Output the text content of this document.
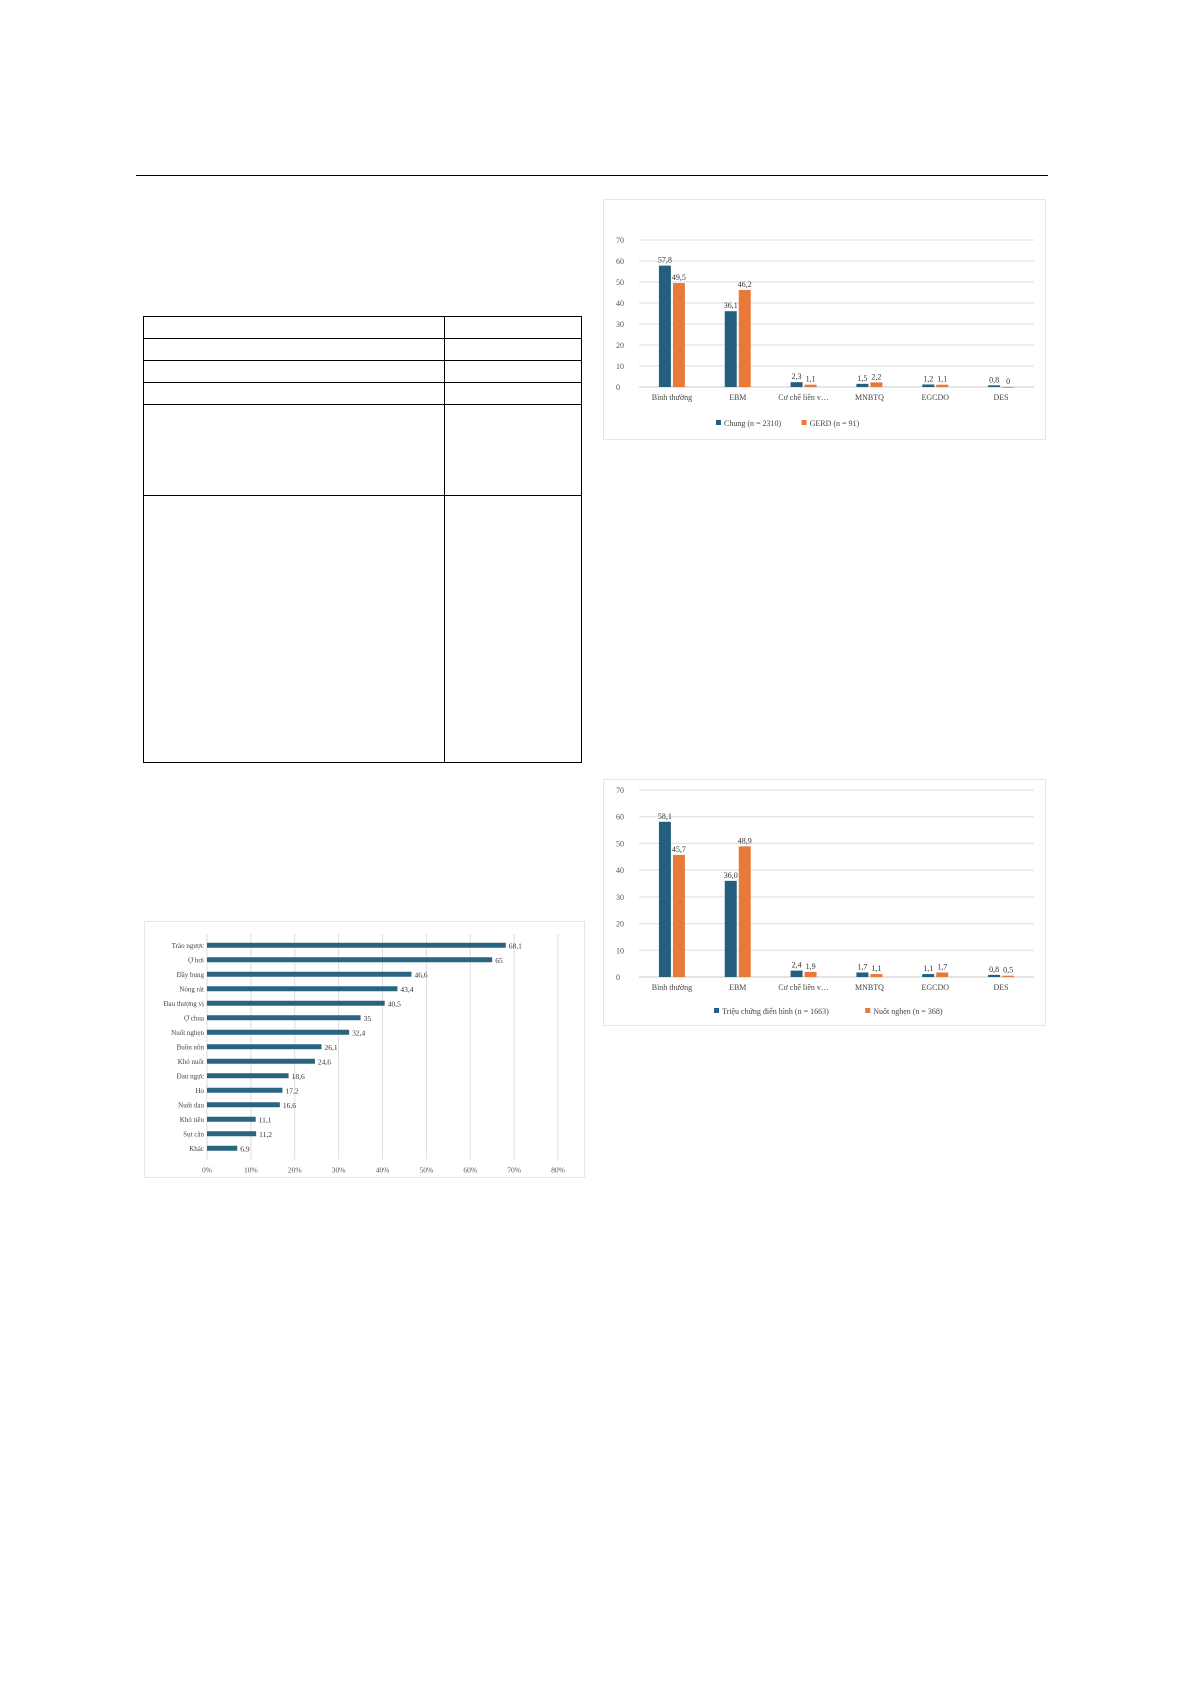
0
10
20
30
40
50
60
70
57,8
49,5
Bình thường
36,1
46,2
EBM
2,3 1,1
Cơ chế liên v…
1,5 2,2
MNBTQ
1,2 1,1
EGCDO
0,8 0
DES
Chung (n = 2310)	GERD (n = 91)
0
10
20
30
40
50
60
70
58,1
45,7
Bình thường
36,0
48,9
EBM
2,4 1,9
Cơ chế liên v…
1,7 1,1
MNBTQ
1,1 1,7
EGCDO
0,8 0,5
DES
Triệu chứng điển hình (n = 1663)	Nuốt nghẹn (n = 368)
0%	10%	20%	30%	40%	50%	60%	70%	80%
Trào ngược	68,1
Ợ hơi	65
Đầy bụng	46,6
Nóng rát	43,4
Đau thượng vị	40,5
Ợ chua	35
Nuốt nghẹn	32,4
Buồn nôn	26,1
Khó nuốt	24,6
Đau ngực	18,6
Ho	17,2
Nuốt đau	16,6
Khó tiêu	11,1
Sụt cân	11,2
Khác	6,9
